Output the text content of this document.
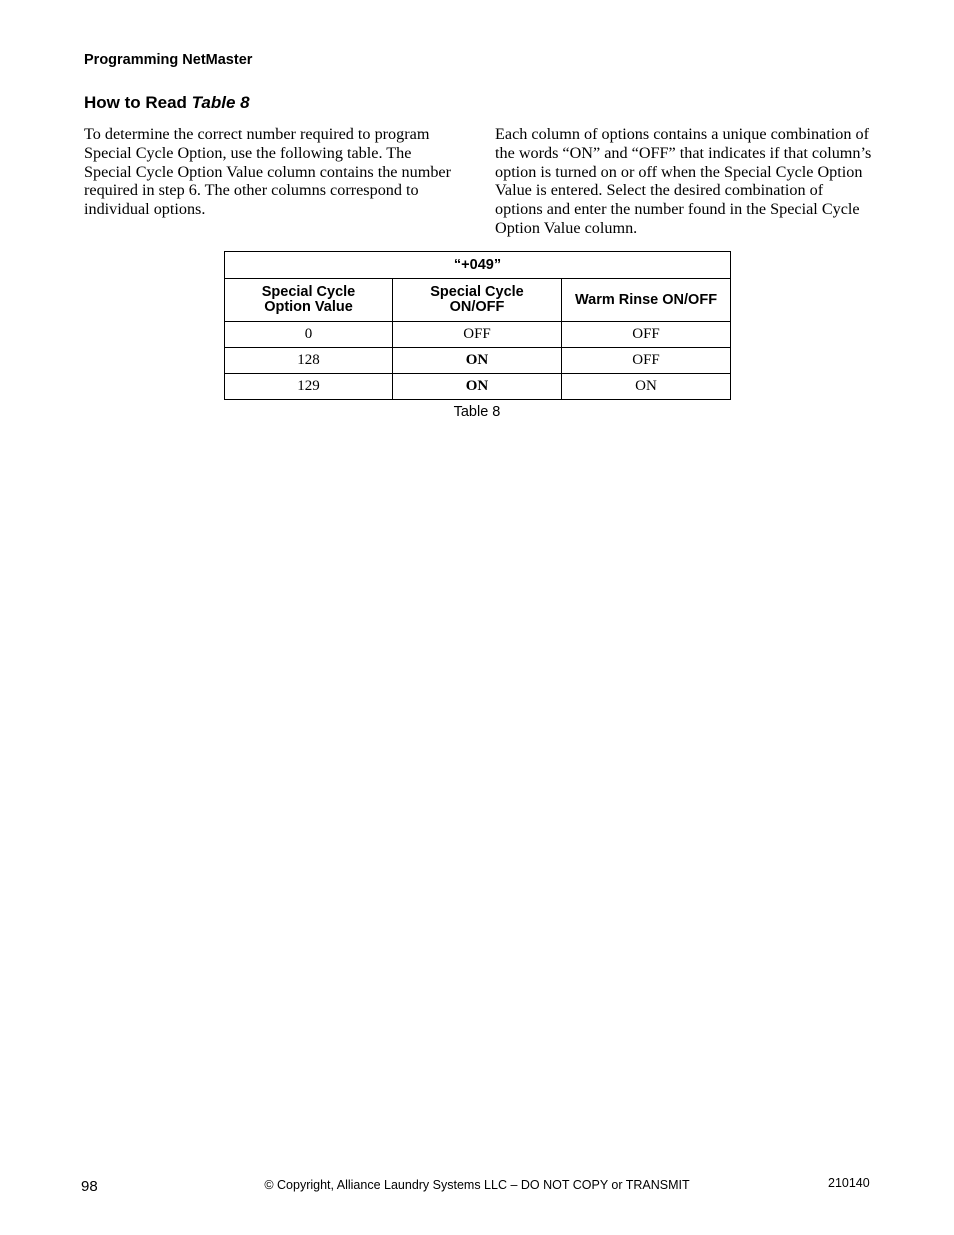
Programming NetMaster
How to Read Table 8
To determine the correct number required to program Special Cycle Option, use the following table. The Special Cycle Option Value column contains the number required in step 6. The other columns correspond to individual options.
Each column of options contains a unique combination of the words “ON” and “OFF” that indicates if that column’s option is turned on or off when the Special Cycle Option Value is entered. Select the desired combination of options and enter the number found in the Special Cycle Option Value column.
“+049”		
Special Cycle Option Value	Special Cycle ON/OFF	Warm Rinse ON/OFF
0	OFF	OFF
128	ON	OFF
129	ON	ON
Table 8
98	© Copyright, Alliance Laundry Systems LLC – DO NOT COPY or TRANSMIT	210140
